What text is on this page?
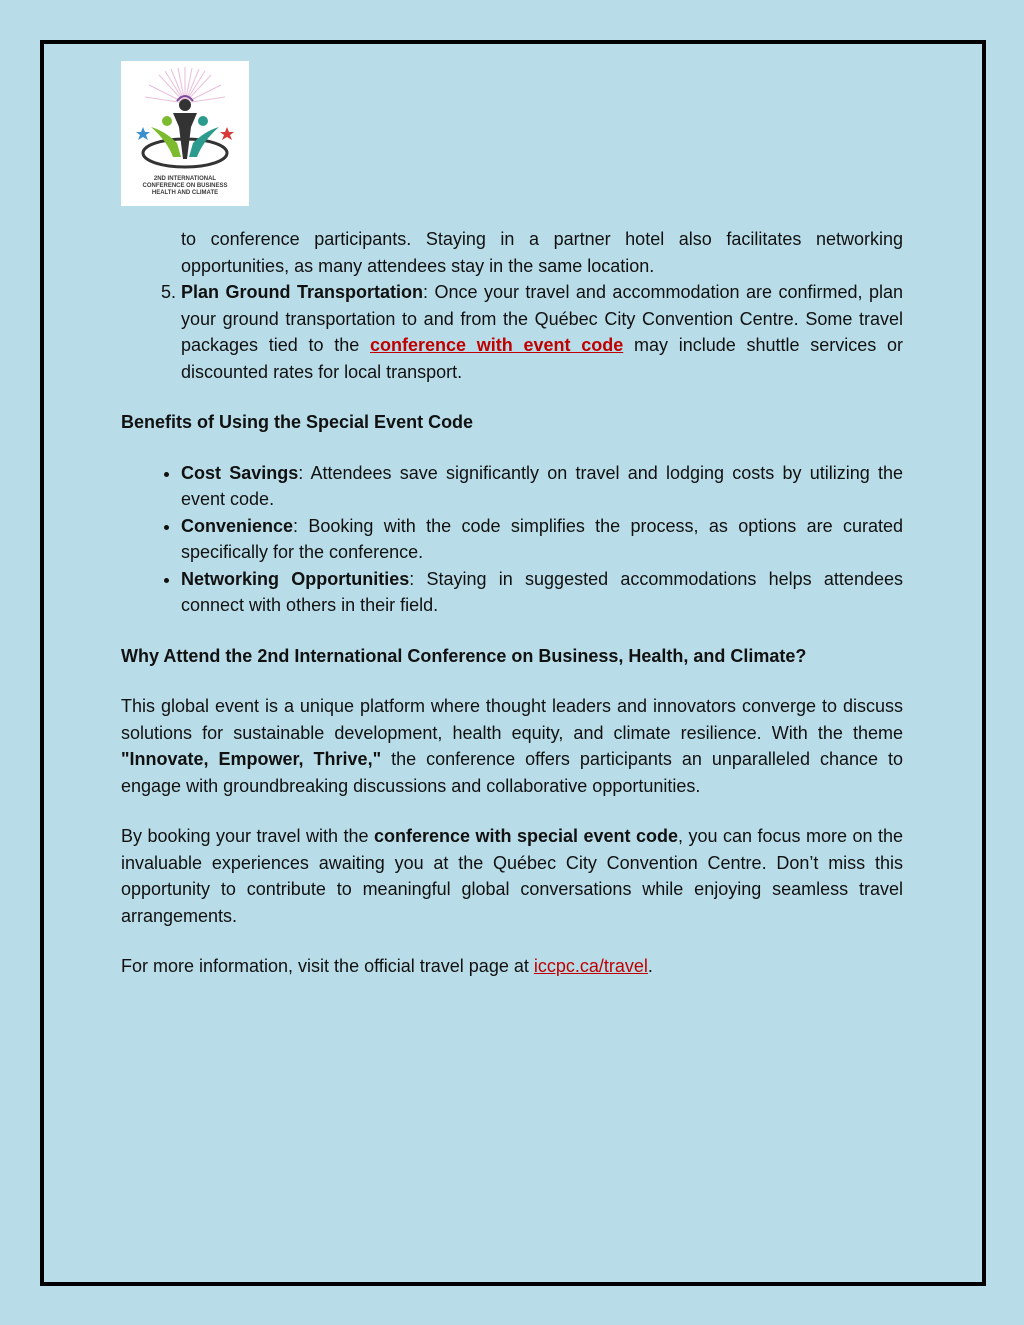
2ND INTERNATIONAL
CONFERENCE ON BUSINESS
HEALTH AND CLIMATE

to conference participants. Staying in a partner hotel also facilitates networking opportunities, as many attendees stay in the same location.

5. Plan Ground Transportation: Once your travel and accommodation are confirmed, plan your ground transportation to and from the Québec City Convention Centre. Some travel packages tied to the conference with event code may include shuttle services or discounted rates for local transport.

Benefits of Using the Special Event Code

• Cost Savings: Attendees save significantly on travel and lodging costs by utilizing the event code.
• Convenience: Booking with the code simplifies the process, as options are curated specifically for the conference.
• Networking Opportunities: Staying in suggested accommodations helps attendees connect with others in their field.

Why Attend the 2nd International Conference on Business, Health, and Climate?

This global event is a unique platform where thought leaders and innovators converge to discuss solutions for sustainable development, health equity, and climate resilience. With the theme "Innovate, Empower, Thrive," the conference offers participants an unparalleled chance to engage with groundbreaking discussions and collaborative opportunities.

By booking your travel with the conference with special event code, you can focus more on the invaluable experiences awaiting you at the Québec City Convention Centre. Don’t miss this opportunity to contribute to meaningful global conversations while enjoying seamless travel arrangements.

For more information, visit the official travel page at iccpc.ca/travel.
